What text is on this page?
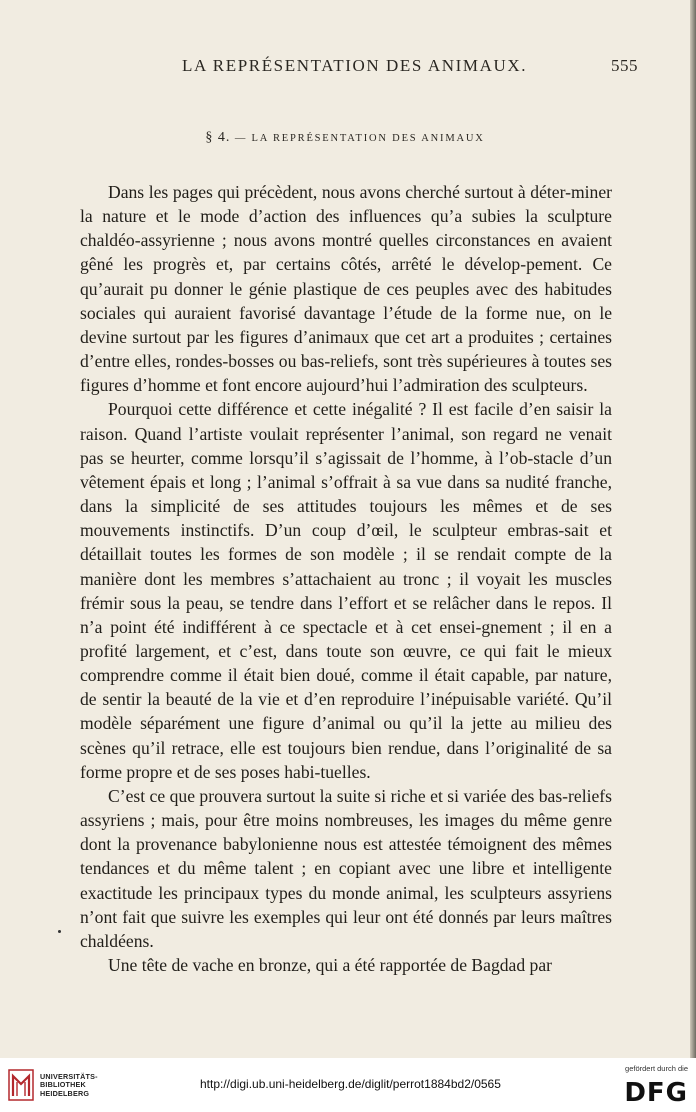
LA REPRÉSENTATION DES ANIMAUX.	555
§ 4. — LA REPRÉSENTATION DES ANIMAUX

Dans les pages qui précèdent, nous avons cherché surtout à déter-miner la nature et le mode d’action des influences qu’a subies la sculpture chaldéo-assyrienne ; nous avons montré quelles circonstances en avaient gêné les progrès et, par certains côtés, arrêté le dévelop-pement. Ce qu’aurait pu donner le génie plastique de ces peuples avec des habitudes sociales qui auraient favorisé davantage l’étude de la forme nue, on le devine surtout par les figures d’animaux que cet art a produites ; certaines d’entre elles, rondes-bosses ou bas-reliefs, sont très supérieures à toutes ses figures d’homme et font encore aujourd’hui l’admiration des sculpteurs.

Pourquoi cette différence et cette inégalité ? Il est facile d’en saisir la raison. Quand l’artiste voulait représenter l’animal, son regard ne venait pas se heurter, comme lorsqu’il s’agissait de l’homme, à l’ob-stacle d’un vêtement épais et long ; l’animal s’offrait à sa vue dans sa nudité franche, dans la simplicité de ses attitudes toujours les mêmes et de ses mouvements instinctifs. D’un coup d’œil, le sculpteur embras-sait et détaillait toutes les formes de son modèle ; il se rendait compte de la manière dont les membres s’attachaient au tronc ; il voyait les muscles frémir sous la peau, se tendre dans l’effort et se relâcher dans le repos. Il n’a point été indifférent à ce spectacle et à cet ensei-gnement ; il en a profité largement, et c’est, dans toute son œuvre, ce qui fait le mieux comprendre comme il était bien doué, comme il était capable, par nature, de sentir la beauté de la vie et d’en reproduire l’inépuisable variété. Qu’il modèle séparément une figure d’animal ou qu’il la jette au milieu des scènes qu’il retrace, elle est toujours bien rendue, dans l’originalité de sa forme propre et de ses poses habi-tuelles.

C’est ce que prouvera surtout la suite si riche et si variée des bas-reliefs assyriens ; mais, pour être moins nombreuses, les images du même genre dont la provenance babylonienne nous est attestée témoignent des mêmes tendances et du même talent ; en copiant avec une libre et intelligente exactitude les principaux types du monde animal, les sculpteurs assyriens n’ont fait que suivre les exemples qui leur ont été donnés par leurs maîtres chaldéens.

Une tête de vache en bronze, qui a été rapportée de Bagdad par

UNIVERSITÄTS-
BIBLIOTHEK
HEIDELBERG
http://digi.ub.uni-heidelberg.de/diglit/perrot1884bd2/0565
gefördert durch die
DFG
